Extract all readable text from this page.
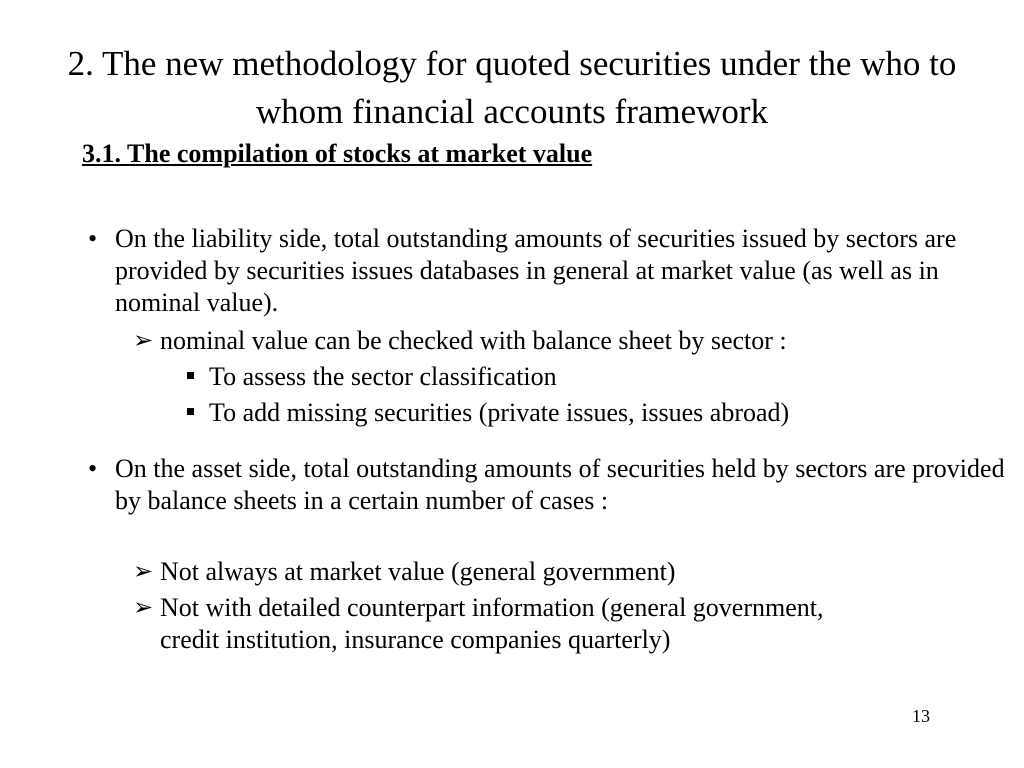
2. The new methodology for quoted securities under the who to whom financial accounts framework

3.1. The compilation of stocks at market value

• On the liability side, total outstanding amounts of securities issued by sectors are provided by securities issues databases in general at market value (as well as in nominal value).
➢ nominal value can be checked with balance sheet by sector :
To assess the sector classification
To add missing securities (private issues, issues abroad)
• On the asset side, total outstanding amounts of securities held by sectors are provided by balance sheets in a certain number of cases :
➢ Not always at market value (general government)
➢ Not with detailed counterpart information (general government, credit institution, insurance companies quarterly)

13
